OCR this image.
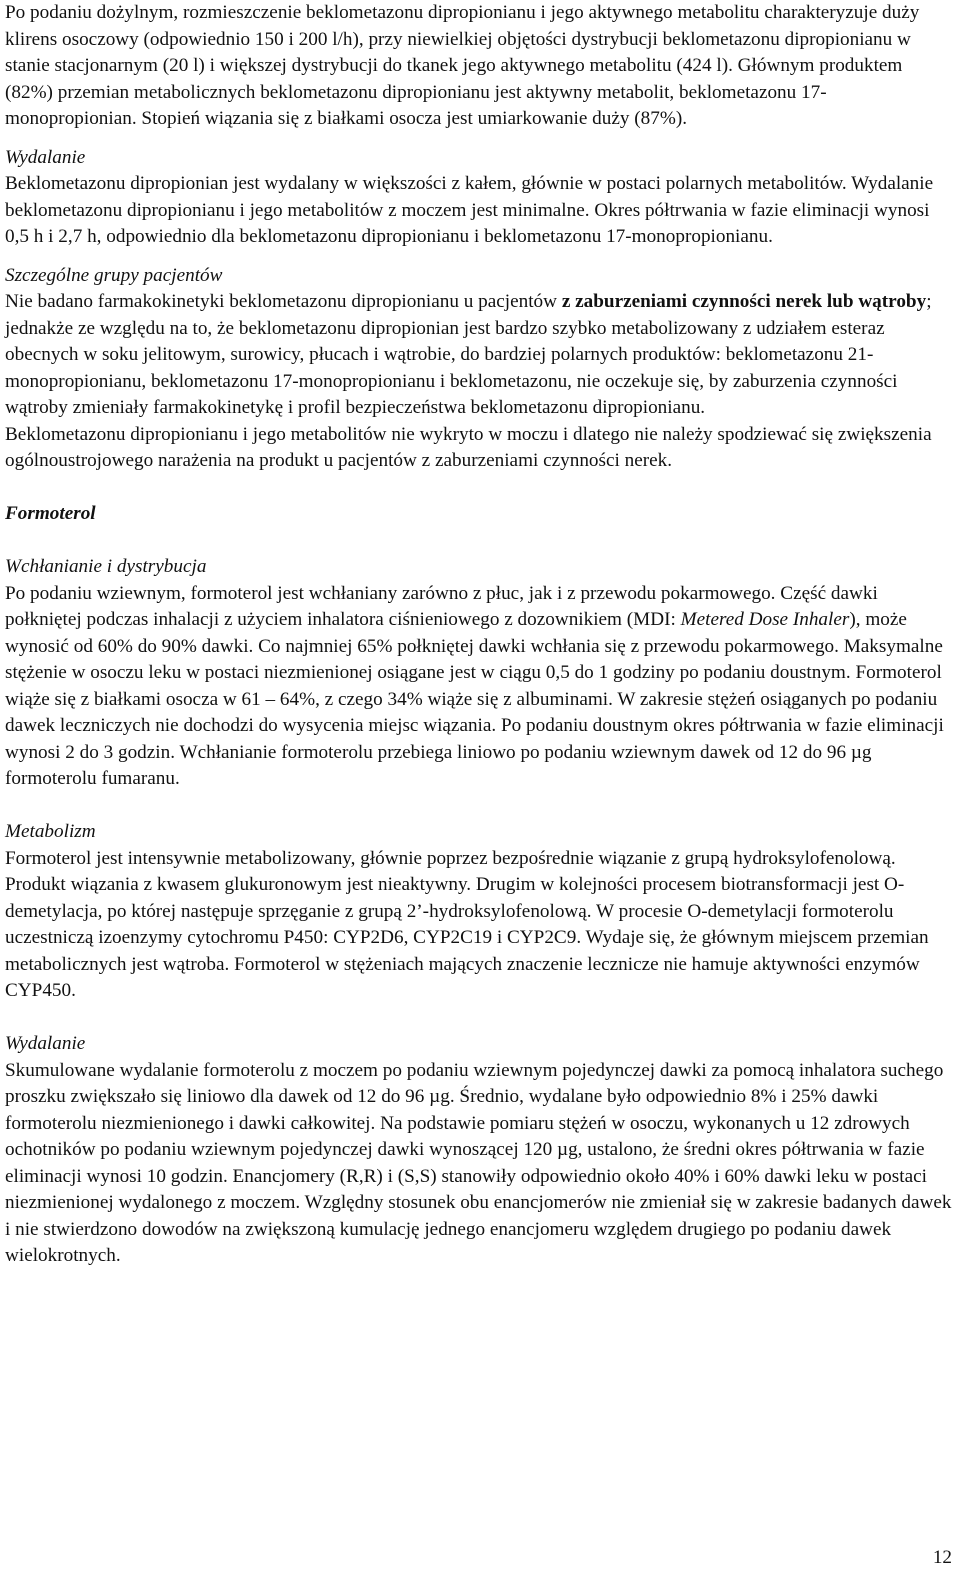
Po podaniu dożylnym, rozmieszczenie beklometazonu dipropionianu i jego aktywnego metabolitu charakteryzuje duży klirens osoczowy (odpowiednio 150 i 200 l/h), przy niewielkiej objętości dystrybucji beklometazonu dipropionianu w stanie stacjonarnym (20 l) i większej dystrybucji do tkanek jego aktywnego metabolitu (424 l). Głównym produktem (82%) przemian metabolicznych beklometazonu dipropionianu jest aktywny metabolit, beklometazonu 17-monopropionian. Stopień wiązania się z białkami osocza jest umiarkowanie duży (87%).

Wydalanie

Beklometazonu dipropionian jest wydalany w większości z kałem, głównie w postaci polarnych metabolitów. Wydalanie beklometazonu dipropionianu i jego metabolitów z moczem jest minimalne. Okres półtrwania w fazie eliminacji wynosi 0,5 h i 2,7 h, odpowiednio dla beklometazonu dipropionianu i beklometazonu 17-monopropionianu.

Szczególne grupy pacjentów

Nie badano farmakokinetyki beklometazonu dipropionianu u pacjentów z zaburzeniami czynności nerek lub wątroby; jednakże ze względu na to, że beklometazonu dipropionian jest bardzo szybko metabolizowany z udziałem esteraz obecnych w soku jelitowym, surowicy, płucach i wątrobie, do bardziej polarnych produktów: beklometazonu 21-monopropionianu, beklometazonu 17-monopropionianu i beklometazonu, nie oczekuje się, by zaburzenia czynności wątroby zmieniały farmakokinetykę i profil bezpieczeństwa beklometazonu dipropionianu.

Beklometazonu dipropionianu i jego metabolitów nie wykryto w moczu i dlatego nie należy spodziewać się zwiększenia ogólnoustrojowego narażenia na produkt u pacjentów z zaburzeniami czynności nerek.

Formoterol

Wchłanianie i dystrybucja

Po podaniu wziewnym, formoterol jest wchłaniany zarówno z płuc, jak i z przewodu pokarmowego. Część dawki połkniętej podczas inhalacji z użyciem inhalatora ciśnieniowego z dozownikiem (MDI: Metered Dose Inhaler), może wynosić od 60% do 90% dawki. Co najmniej 65% połkniętej dawki wchłania się z przewodu pokarmowego. Maksymalne stężenie w osoczu leku w postaci niezmienionej osiągane jest w ciągu 0,5 do 1 godziny po podaniu doustnym. Formoterol wiąże się z białkami osocza w 61 – 64%, z czego 34% wiąże się z albuminami. W zakresie stężeń osiąganych po podaniu dawek leczniczych nie dochodzi do wysycenia miejsc wiązania. Po podaniu doustnym okres półtrwania w fazie eliminacji wynosi 2 do 3 godzin. Wchłanianie formoterolu przebiega liniowo po podaniu wziewnym dawek od 12 do 96 µg formoterolu fumaranu.

Metabolizm

Formoterol jest intensywnie metabolizowany, głównie poprzez bezpośrednie wiązanie z grupą hydroksylofenolową. Produkt wiązania z kwasem glukuronowym jest nieaktywny. Drugim w kolejności procesem biotransformacji jest O-demetylacja, po której następuje sprzęganie z grupą 2’-hydroksylofenolową. W procesie O-demetylacji formoterolu uczestniczą izoenzymy cytochromu P450: CYP2D6, CYP2C19 i CYP2C9. Wydaje się, że głównym miejscem przemian metabolicznych jest wątroba. Formoterol w stężeniach mających znaczenie lecznicze nie hamuje aktywności enzymów CYP450.

Wydalanie

Skumulowane wydalanie formoterolu z moczem po podaniu wziewnym pojedynczej dawki za pomocą inhalatora suchego proszku zwiększało się liniowo dla dawek od 12 do 96 µg. Średnio, wydalane było odpowiednio 8% i 25% dawki formoterolu niezmienionego i dawki całkowitej. Na podstawie pomiaru stężeń w osoczu, wykonanych u 12 zdrowych ochotników po podaniu wziewnym pojedynczej dawki wynoszącej 120 µg, ustalono, że średni okres półtrwania w fazie eliminacji wynosi 10 godzin. Enancjomery (R,R) i (S,S) stanowiły odpowiednio około 40% i 60% dawki leku w postaci niezmienionej wydalonego z moczem. Względny stosunek obu enancjomerów nie zmieniał się w zakresie badanych dawek i nie stwierdzono dowodów na zwiększoną kumulację jednego enancjomeru względem drugiego po podaniu dawek wielokrotnych.

12
